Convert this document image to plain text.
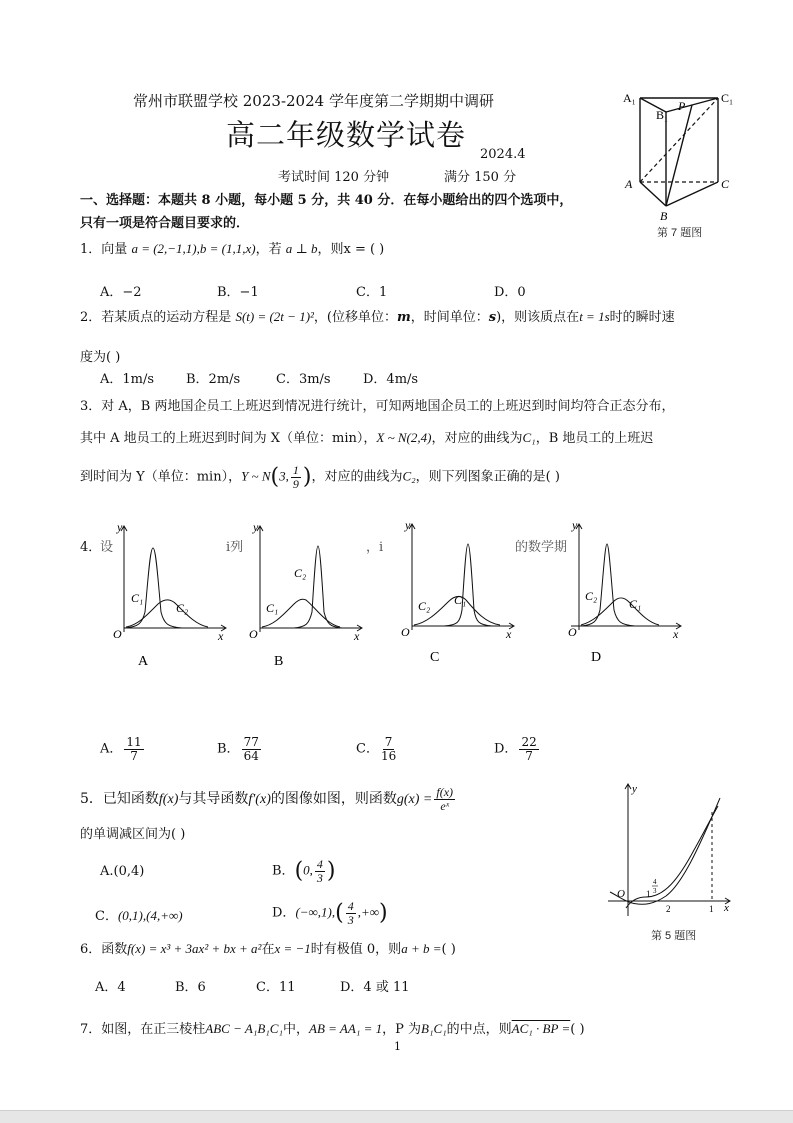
常州市联盟学校 2023-2024 学年度第二学期期中调研
高二年级数学试卷
2024.4
考试时间 120 分钟	满分 150 分
一、选择题：本题共 8 小题，每小题 5 分，共 40 分．在每小题给出的四个选项中，
只有一项是符合题目要求的．
A₁
B₁
C₁
P
A
B
C
第 7 题图
1．向量 a = (2,−1,1),b = (1,1,x)，若 a ⊥ b，则x = ( )
A．−2	B．−1	C．1	D．0
2．若某质点的运动方程是 S(t) = (2t − 1)²，(位移单位：m，时间单位：s)，则该质点在t = 1s时的瞬时速
度为( )
A．1m/s B．2m/s	C．3m/s D．4m/s
3．对 A，B 两地国企员工上班迟到情况进行统计，可知两地国企员工的上班迟到时间均符合正态分布，
其中 A 地员工的上班迟到时间为 X（单位：min），X ~ N(2,4)，对应的曲线为C₁，B 地员工的上班迟
到时间为 Y（单位：min），Y ~ N(3, $\frac{1}{9}$ )，对应的曲线为C₂，则下列图象正确的是( )
4．
设	i列	，i	的数学期
C₁
C₂
O	x
y
A
C₁
C₂
O	x
y
B
C₂ C₁
O	x
y
C
C₂
C₁
O	x
y
D
A． $\frac{11}{7}$	B． $\frac{77}{64}$	C． $\frac{7}{16}$	D． $\frac{22}{7}$
5．已知函数f(x)与其导函数f′(x)的图像如图，则函数$g(x) = \frac{f(x)}{\text{eˣ}}$
的单调减区间为( )
A.(0,4)	B．(0, $\frac{4}{3}$ )
C．(0,1),(4,+∞)	D．$(-\infty,1),( \frac{4}{3}$ ,+∞)
y
x
O 1
4
3
2	1
第 5 题图
6．函数f(x) = x³ + 3ax² + bx + a²在x = −1时有极值 0，则a + b =( )
A．4	B．6	C．11	D．4 或 11
7．如图，在正三棱柱ABC − A₁B₁C₁中，AB = AA₁ = 1，P 为B₁C₁的中点，则AC₁ · BP =( )
1
